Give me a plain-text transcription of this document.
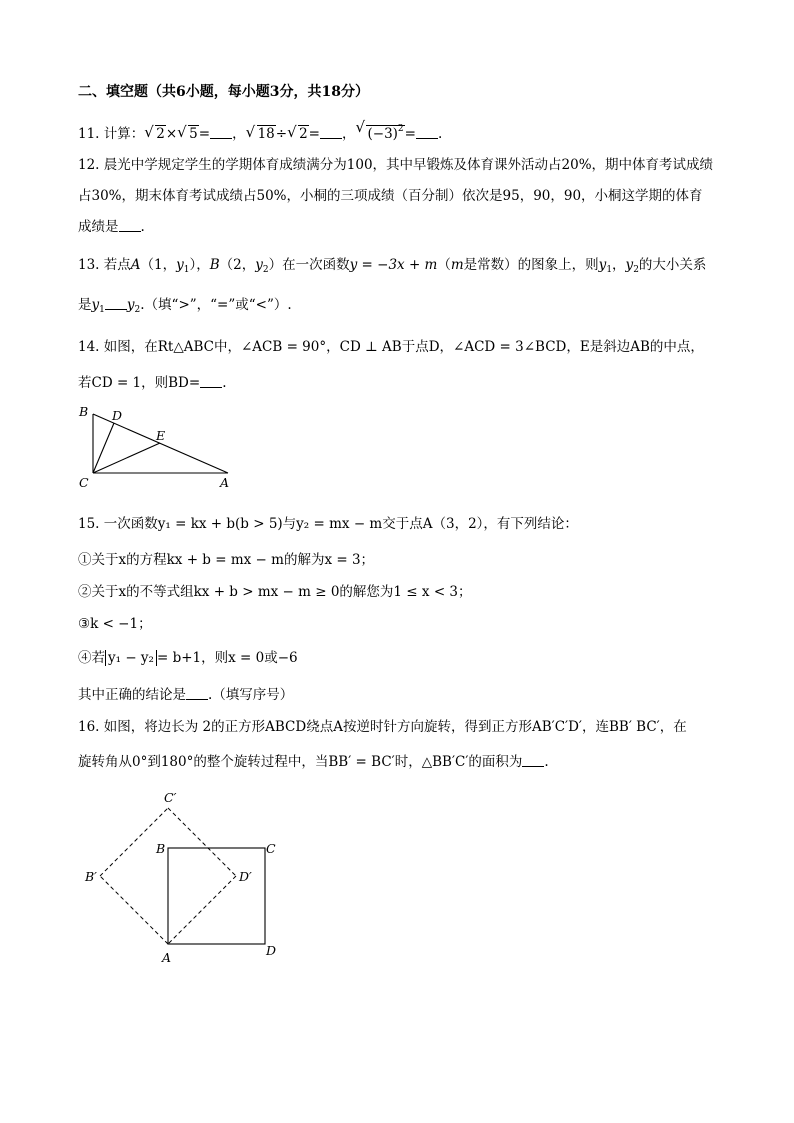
二、填空题（共6小题，每小题3分，共18分）
11. 计算： √ 2× √ 5= ， √ 18÷ √ 2= ， √ $(-3)^2=$ .
12. 晨光中学规定学生的学期体育成绩满分为100，其中早锻炼及体育课外活动占20%，期中体育考试成绩
占30%，期末体育考试成绩占50%，小桐的三项成绩（百分制）依次是95，90，90，小桐这学期的体育
成绩是 .
13. 若点A（1，$y_1$），B（2，$y_2$）在一次函数y = −3x + m（m是常数）的图象上，则$y_1$，$y_2$的大小关系
是$y_1$ $y_2$.（填“>”，“=”或“<”）.
14. 如图，在Rt△ABC中，∠ACB = 90°，CD ⊥ AB于点D，∠ACD = 3∠BCD，E是斜边AB的中点，
若CD = 1，则BD= .
B D
E
C	A
15. 一次函数y₁ = kx + b(b > 5)与y₂ = mx − m交于点A（3，2），有下列结论：
①关于x的方程kx + b = mx − m的解为x = 3；
②关于x的不等式组kx + b > mx − m ≥ 0的解您为1 ≤ x < 3；
③k < −1；
④若 y₁ − y₂ = b+1，则x = 0或−6
其中正确的结论是 .（填写序号）
16. 如图，将边长为 2的正方形ABCD绕点A按逆时针方向旋转，得到正方形AB′C′D′，连BB′ BC′，在
旋转角从0°到180°的整个旋转过程中，当BB′ = BC′时，△BB′C′的面积为 .
C′
B	C
B′	D′
A	D
